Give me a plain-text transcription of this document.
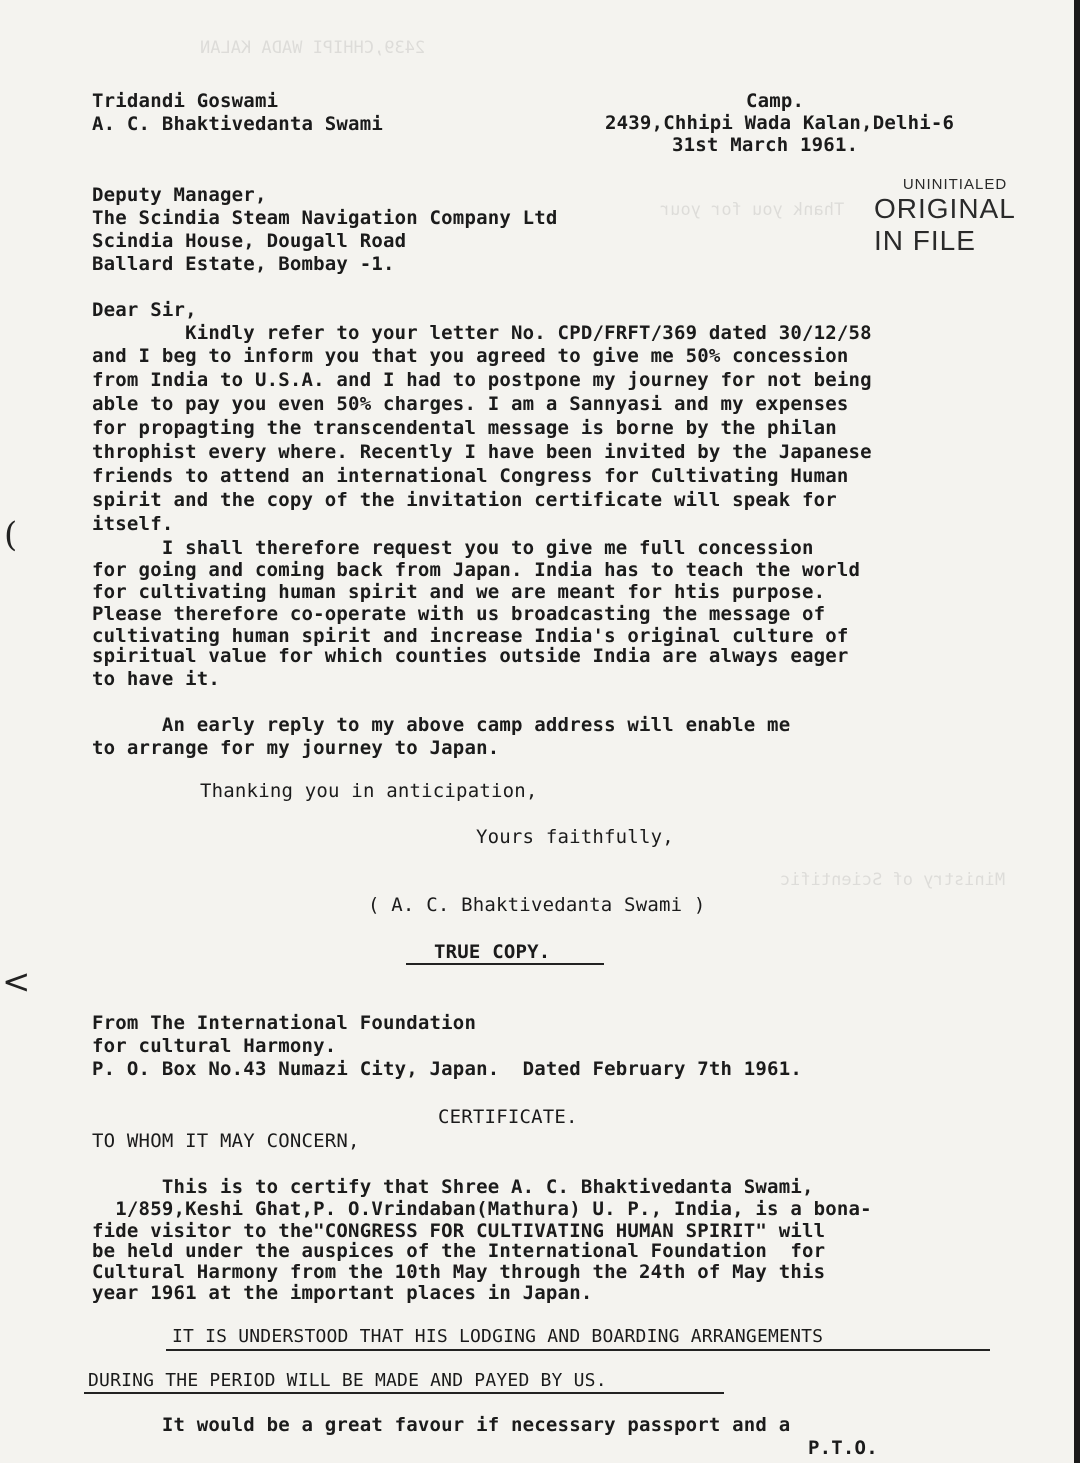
2439,CHHIPI WADA KALAN
Thank you for your
Ministry of Scientific
Tridandi Goswami
A. C. Bhaktivedanta Swami
Camp.
2439,Chhipi Wada Kalan,Delhi-6
31st March 1961.
UNINITIALED
ORIGINAL
IN FILE
Deputy Manager,
The Scindia Steam Navigation Company Ltd
Scindia House, Dougall Road
Ballard Estate, Bombay -1.
Dear Sir,
Kindly refer to your letter No. CPD/FRFT/369 dated 30/12/58
and I beg to inform you that you agreed to give me 50% concession
from India to U.S.A. and I had to postpone my journey for not being
able to pay you even 50% charges. I am a Sannyasi and my expenses
for propagting the transcendental message is borne by the philan
throphist every where. Recently I have been invited by the Japanese
friends to attend an international Congress for Cultivating Human
spirit and the copy of the invitation certificate will speak for
itself.
I shall therefore request you to give me full concession
for going and coming back from Japan. India has to teach the world
for cultivating human spirit and we are meant for htis purpose.
Please therefore co-operate with us broadcasting the message of
cultivating human spirit and increase India's original culture of
spiritual value for which counties outside India are always eager
to have it.
An early reply to my above camp address will enable me
to arrange for my journey to Japan.
Thanking you in anticipation,
Yours faithfully,
( A. C. Bhaktivedanta Swami )
TRUE COPY.
From The International Foundation
for cultural Harmony.
P. O. Box No.43 Numazi City, Japan.  Dated February 7th 1961.
CERTIFICATE.
TO WHOM IT MAY CONCERN,
This is to certify that Shree A. C. Bhaktivedanta Swami,
1/859,Keshi Ghat,P. O.Vrindaban(Mathura) U. P., India, is a bona-
fide visitor to the"CONGRESS FOR CULTIVATING HUMAN SPIRIT" will
be held under the auspices of the International Foundation  for
Cultural Harmony from the 10th May through the 24th of May this
year 1961 at the important places in Japan.
IT IS UNDERSTOOD THAT HIS LODGING AND BOARDING ARRANGEMENTS
DURING THE PERIOD WILL BE MADE AND PAYED BY US.
It would be a great favour if necessary passport and a
P.T.O.
(
<
